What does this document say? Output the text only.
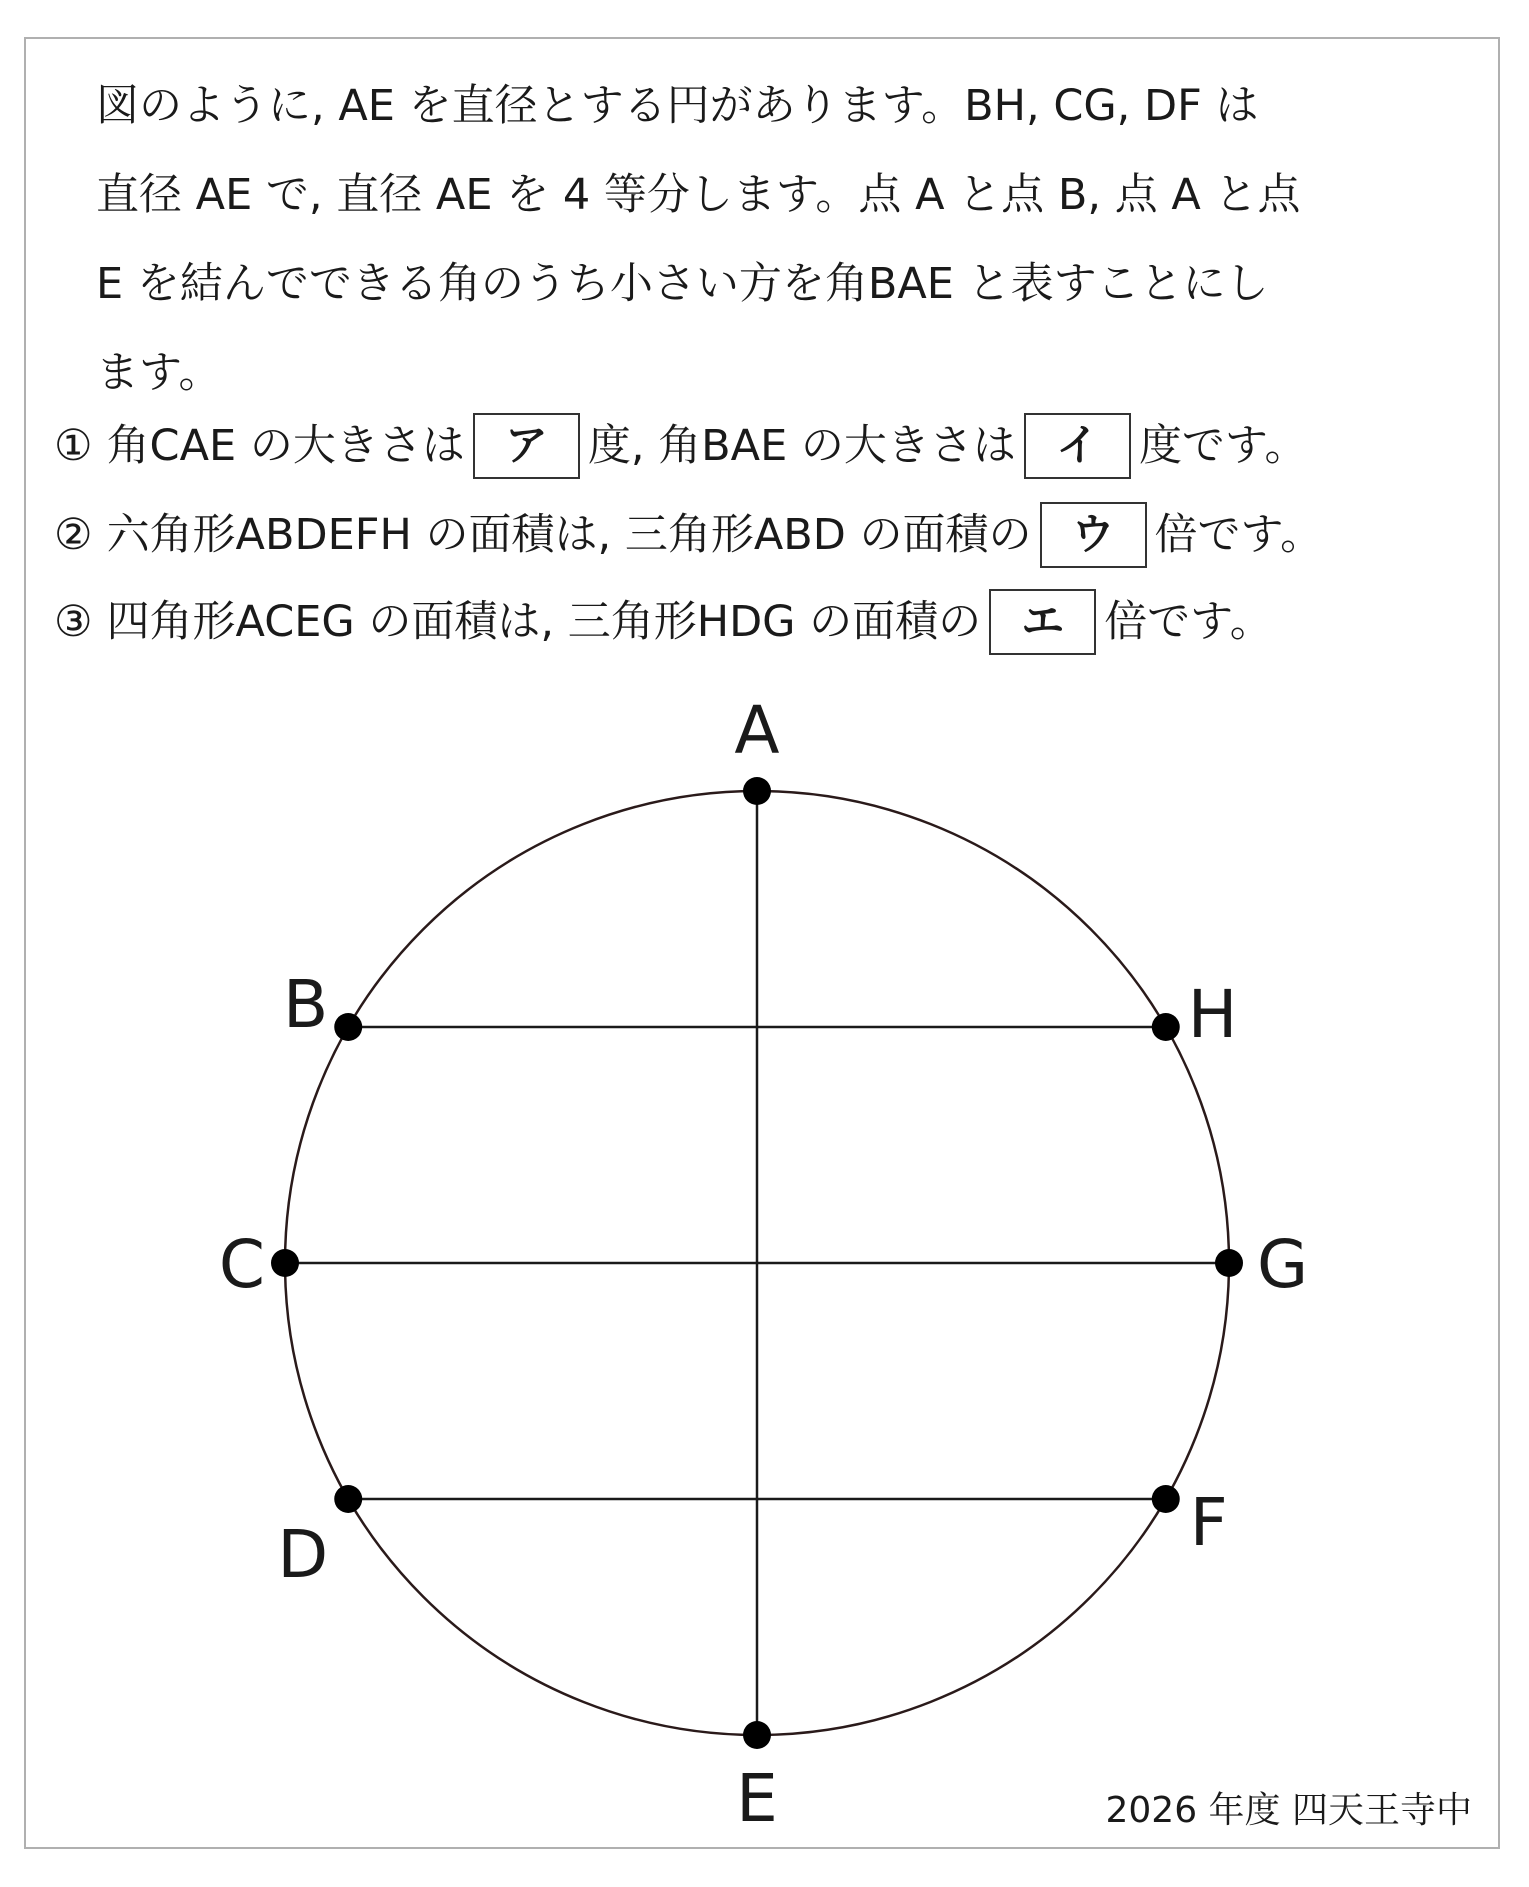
図のように, AE を直径とする円があります。BH, CG, DF は
直径 AE で, 直径 AE を 4 等分します。点 A と点 B, 点 A と点
E を結んでできる角のうち小さい方を角BAE と表すことにし
ます。
① 角CAE の大きさは ア 度, 角BAE の大きさは イ 度です。
② 六角形ABDEFH の面積は, 三角形ABD の面積の ウ 倍です。
③ 四角形ACEG の面積は, 三角形HDG の面積の エ 倍です。
A
B
C
D
E
F
G
H
2026 年度 四天王寺中
